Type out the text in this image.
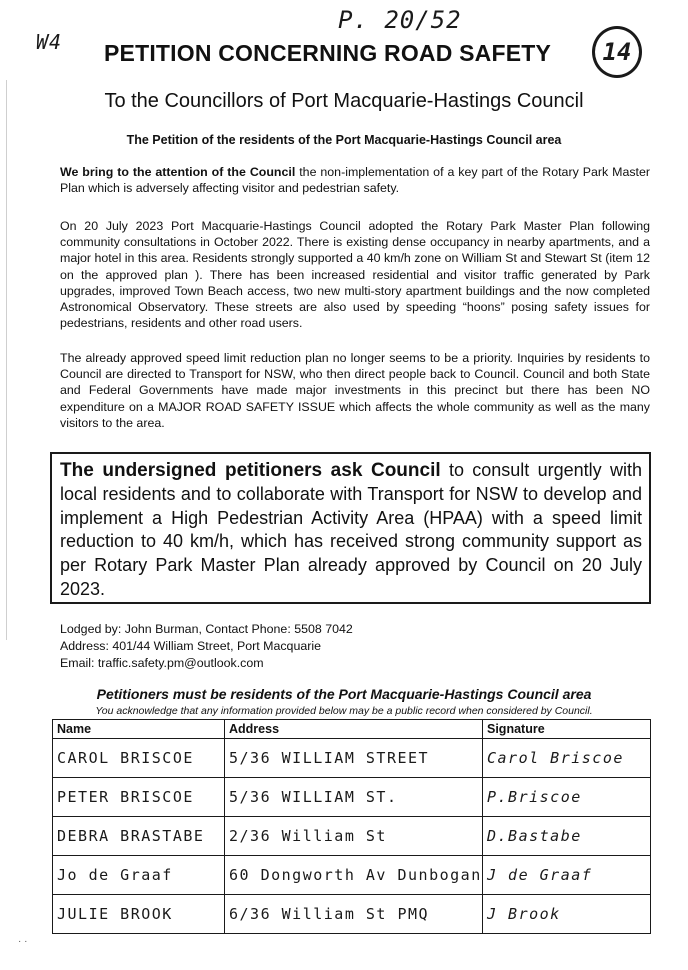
W4
P. 20/52
14
PETITION CONCERNING ROAD SAFETY
To the Councillors of Port Macquarie-Hastings Council

The Petition of the residents of the Port Macquarie-Hastings Council area

We bring to the attention of the Council the non-implementation of a key part of the Rotary Park Master Plan which is adversely affecting visitor and pedestrian safety.

On 20 July 2023 Port Macquarie-Hastings Council adopted the Rotary Park Master Plan following community consultations in October 2022. There is existing dense occupancy in nearby apartments, and a major hotel in this area. Residents strongly supported a 40 km/h zone on William St and Stewart St (item 12 on the approved plan ). There has been increased residential and visitor traffic generated by Park upgrades, improved Town Beach access, two new multi-story apartment buildings and the now completed Astronomical Observatory. These streets are also used by speeding “hoons” posing safety issues for pedestrians, residents and other road users.

The already approved speed limit reduction plan no longer seems to be a priority. Inquiries by residents to Council are directed to Transport for NSW, who then direct people back to Council. Council and both State and Federal Governments have made major investments in this precinct but there has been NO expenditure on a MAJOR ROAD SAFETY ISSUE which affects the whole community as well as the many visitors to the area.

The undersigned petitioners ask Council to consult urgently with local residents and to collaborate with Transport for NSW to develop and implement a High Pedestrian Activity Area (HPAA) with a speed limit reduction to 40 km/h, which has received strong community support as per Rotary Park Master Plan already approved by Council on 20 July 2023.

Lodged by: John Burman, Contact Phone: 5508 7042

Address: 401/44 William Street, Port Macquarie

Email: traffic.safety.pm@outlook.com

Petitioners must be residents of the Port Macquarie-Hastings Council area

You acknowledge that any information provided below may be a public record when considered by Council.

Name	Address	Signature
CAROL BRISCOE	5/36 WILLIAM STREET	Carol Briscoe
PETER BRISCOE	5/36 WILLIAM ST.	P.Briscoe
DEBRA BRASTABE	2/36 William St	D.Bastabe
Jo de Graaf	60 Dongworth Av Dunbogan	J de Graaf
JULIE BROOK	6/36 William St PMQ	J Brook
· ·
